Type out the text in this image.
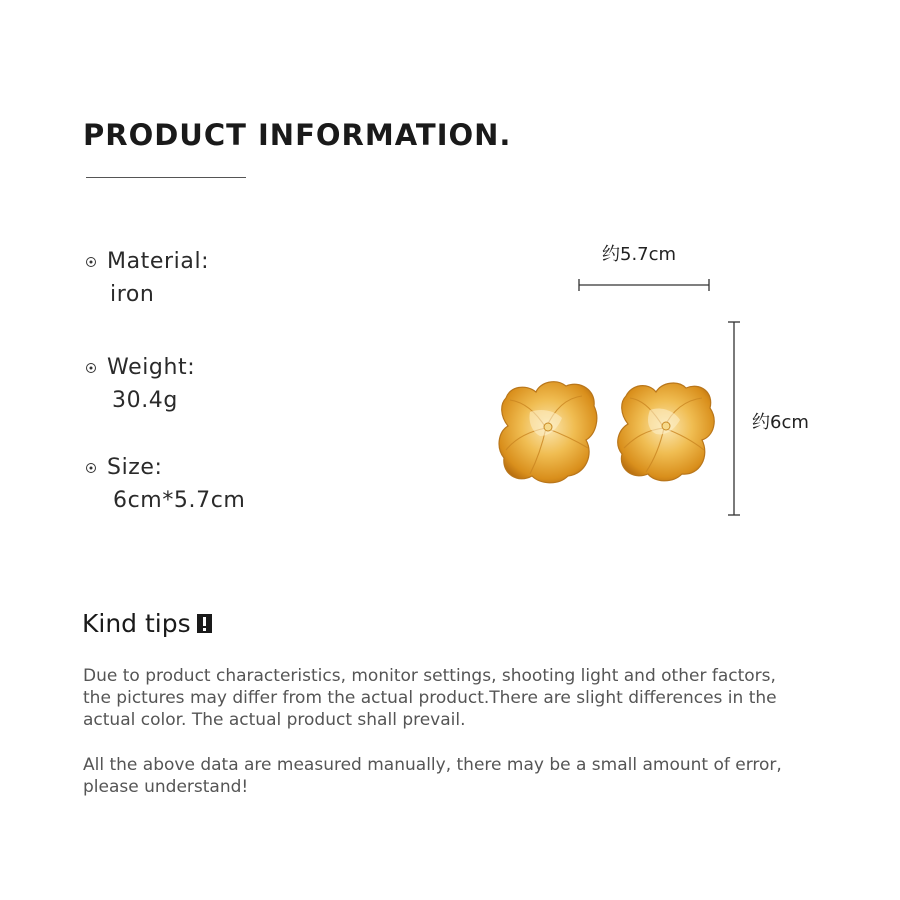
PRODUCT INFORMATION.
Material:
iron
Weight:
30.4g
Size:
6cm*5.7cm
约5.7cm
约6cm
Kind tips
Due to product characteristics, monitor settings, shooting light and other factors, the pictures may differ from the actual product.There are slight differences in the actual color. The actual product shall prevail.
All the above data are measured manually, there may be a small amount of error, please understand!
